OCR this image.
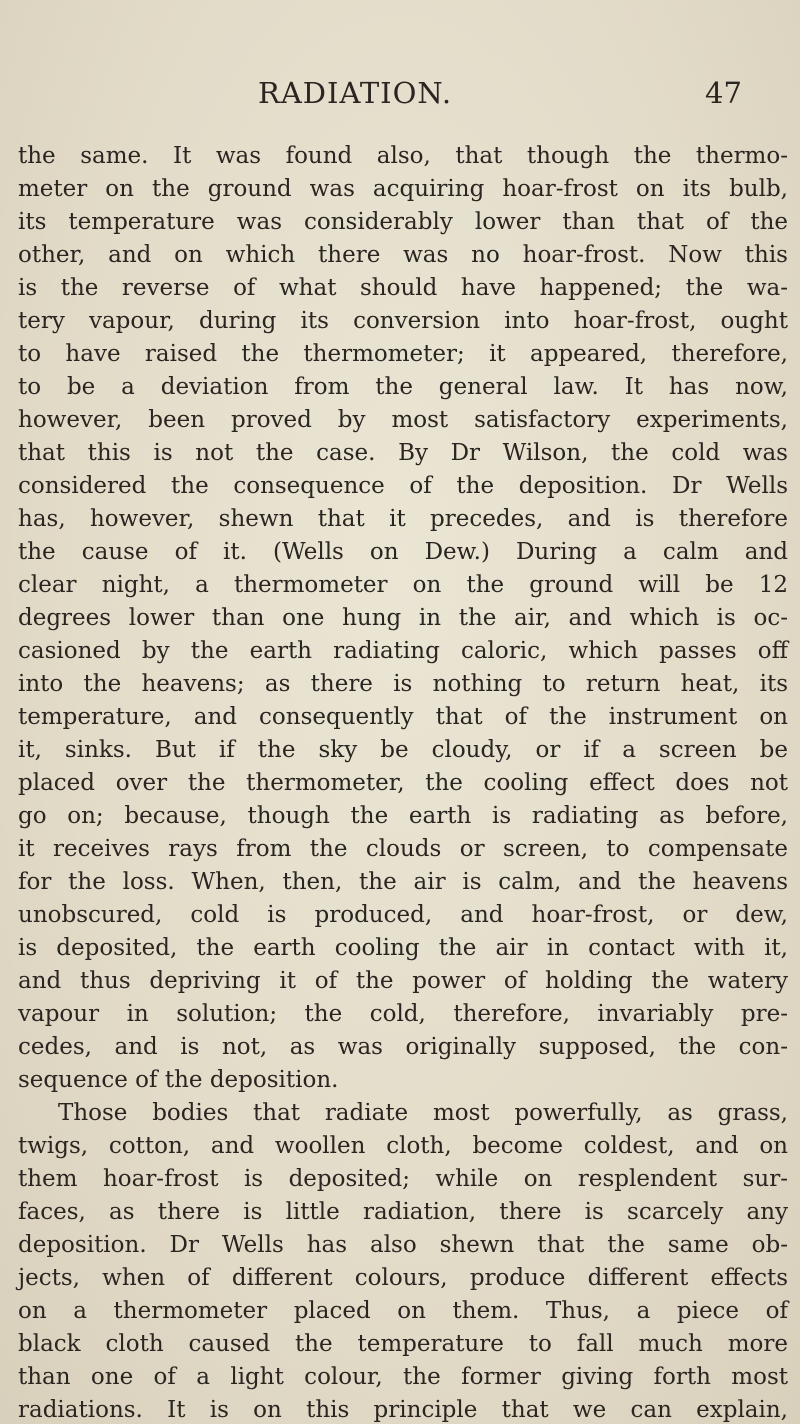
RADIATION.	47
the same. It was found also, that though the thermo-
meter on the ground was acquiring hoar-frost on its bulb,
its temperature was considerably lower than that of the
other, and on which there was no hoar-frost. Now this
is the reverse of what should have happened; the wa-
tery vapour, during its conversion into hoar-frost, ought
to have raised the thermometer; it appeared, therefore,
to be a deviation from the general law. It has now,
however, been proved by most satisfactory experiments,
that this is not the case. By Dr Wilson, the cold was
considered the consequence of the deposition. Dr Wells
has, however, shewn that it precedes, and is therefore
the cause of it. (Wells on Dew.) During a calm and
clear night, a thermometer on the ground will be 12
degrees lower than one hung in the air, and which is oc-
casioned by the earth radiating caloric, which passes off
into the heavens; as there is nothing to return heat, its
temperature, and consequently that of the instrument on
it, sinks. But if the sky be cloudy, or if a screen be
placed over the thermometer, the cooling effect does not
go on; because, though the earth is radiating as before,
it receives rays from the clouds or screen, to compensate
for the loss. When, then, the air is calm, and the heavens
unobscured, cold is produced, and hoar-frost, or dew,
is deposited, the earth cooling the air in contact with it,
and thus depriving it of the power of holding the watery
vapour in solution; the cold, therefore, invariably pre-
cedes, and is not, as was originally supposed, the con-
sequence of the deposition.
Those bodies that radiate most powerfully, as grass,
twigs, cotton, and woollen cloth, become coldest, and on
them hoar-frost is deposited; while on resplendent sur-
faces, as there is little radiation, there is scarcely any
deposition. Dr Wells has also shewn that the same ob-
jects, when of different colours, produce different effects
on a thermometer placed on them. Thus, a piece of
black cloth caused the temperature to fall much more
than one of a light colour, the former giving forth most
radiations. It is on this principle that we can explain,
